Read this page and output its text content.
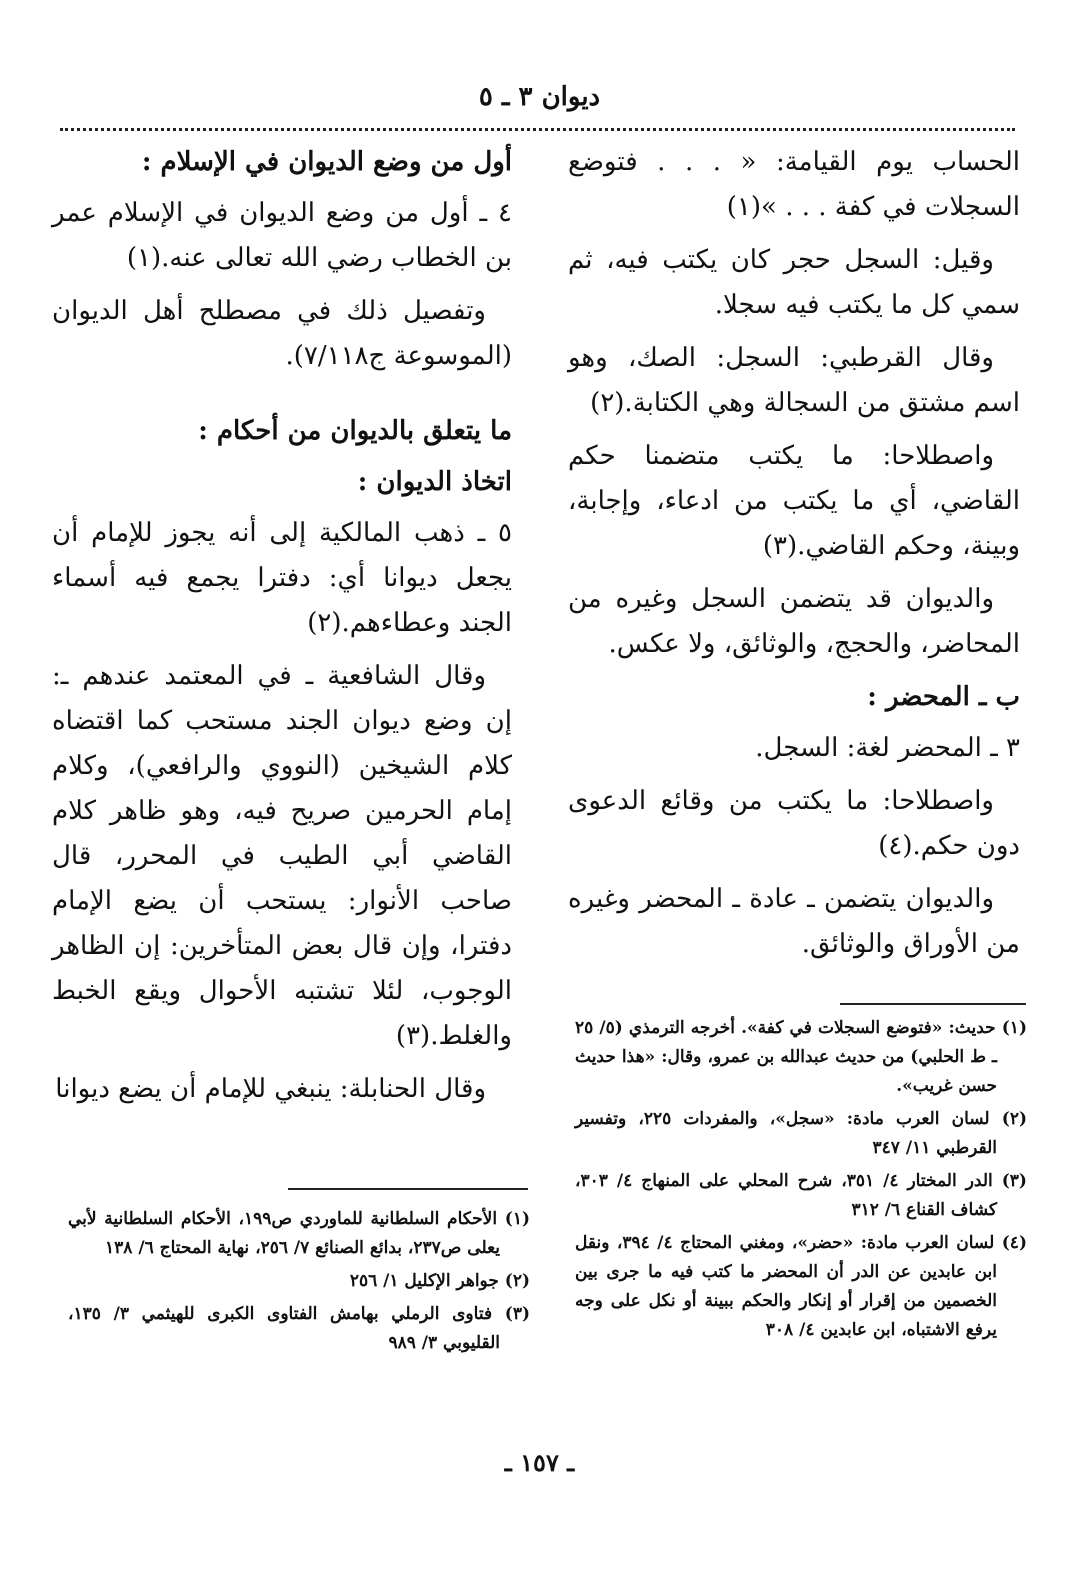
ديوان ٣ ـ ٥

الحساب يوم القيامة: « . . . فتوضع السجلات في كفة . . . »(١)

وقيل: السجل حجر كان يكتب فيه، ثم سمي كل ما يكتب فيه سجلا.

وقال القرطبي: السجل: الصك، وهو اسم مشتق من السجالة وهي الكتابة.(٢)

واصطلاحا: ما يكتب متضمنا حكم القاضي، أي ما يكتب من ادعاء، وإجابة، وبينة، وحكم القاضي.(٣)

والديوان قد يتضمن السجل وغيره من المحاضر، والحجج، والوثائق، ولا عكس.

ب ـ المحضر :

٣ ـ المحضر لغة: السجل.

واصطلاحا: ما يكتب من وقائع الدعوى دون حكم.(٤)

والديوان يتضمن ـ عادة ـ المحضر وغيره من الأوراق والوثائق.

أول من وضع الديوان في الإسلام :

٤ ـ أول من وضع الديوان في الإسلام عمر بن الخطاب رضي الله تعالى عنه.(١)

وتفصيل ذلك في مصطلح أهل الديوان (الموسوعة ج٧/١١٨).

ما يتعلق بالديوان من أحكام :
اتخاذ الديوان :

٥ ـ ذهب المالكية إلى أنه يجوز للإمام أن يجعل ديوانا أي: دفترا يجمع فيه أسماء الجند وعطاءهم.(٢)

وقال الشافعية ـ في المعتمد عندهم ـ: إن وضع ديوان الجند مستحب كما اقتضاه كلام الشيخين (النووي والرافعي)، وكلام إمام الحرمين صريح فيه، وهو ظاهر كلام القاضي أبي الطيب في المحرر، قال صاحب الأنوار: يستحب أن يضع الإمام دفترا، وإن قال بعض المتأخرين: إن الظاهر الوجوب، لئلا تشتبه الأحوال ويقع الخبط والغلط.(٣)

وقال الحنابلة: ينبغي للإمام أن يضع ديوانا

(١) حديث: «فتوضع السجلات في كفة». أخرجه الترمذي (٥/ ٢٥ ـ ط الحلبي) من حديث عبدالله بن عمرو، وقال: «هذا حديث حسن غريب».
(٢) لسان العرب مادة: «سجل»، والمفردات ٢٢٥، وتفسير القرطبي ١١/ ٣٤٧
(٣) الدر المختار ٤/ ٣٥١، شرح المحلي على المنهاج ٤/ ٣٠٣، كشاف القناع ٦/ ٣١٢
(٤) لسان العرب مادة: «حضر»، ومغني المحتاج ٤/ ٣٩٤، ونقل ابن عابدين عن الدر أن المحضر ما كتب فيه ما جرى بين الخصمين من إقرار أو إنكار والحكم ببينة أو نكل على وجه يرفع الاشتباه، ابن عابدين ٤/ ٣٠٨
(١) الأحكام السلطانية للماوردي ص١٩٩، الأحكام السلطانية لأبي يعلى ص٢٣٧، بدائع الصنائع ٧/ ٢٥٦، نهاية المحتاج ٦/ ١٣٨
(٢) جواهر الإكليل ١/ ٢٥٦
(٣) فتاوى الرملي بهامش الفتاوى الكبرى للهيثمي ٣/ ١٣٥، القليوبي ٣/ ٩٨٩
ـ ١٥٧ ـ
